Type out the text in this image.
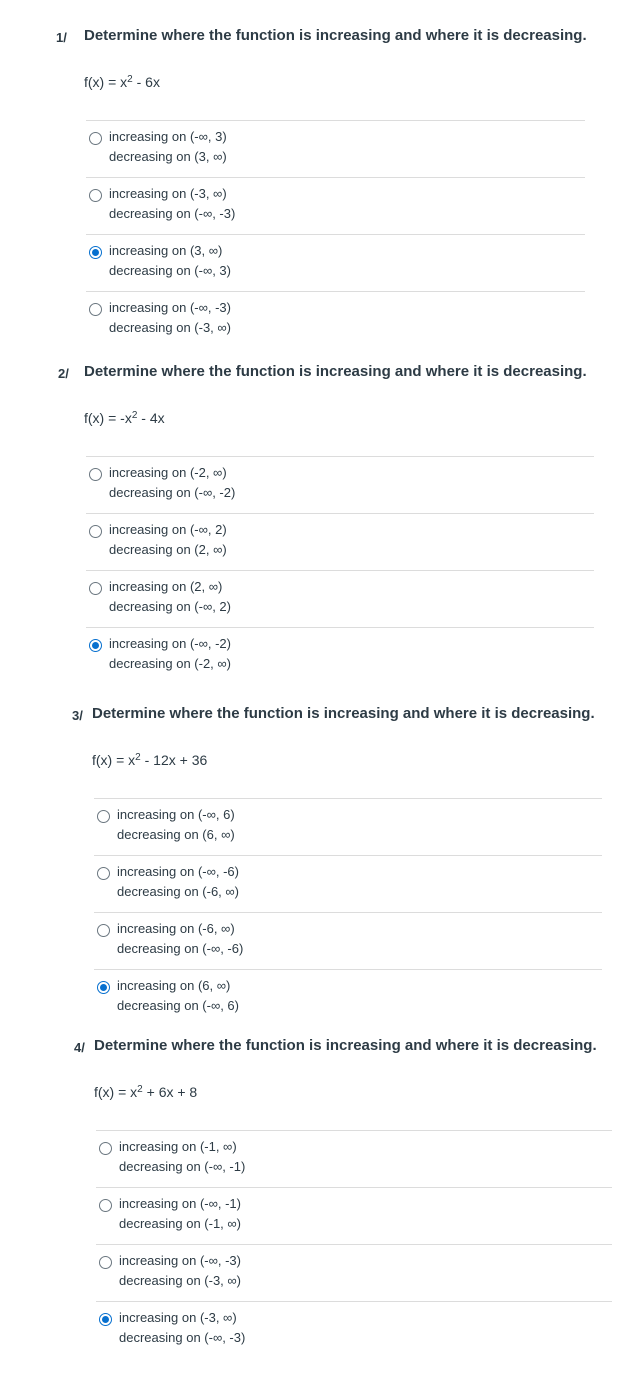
1/ Determine where the function is increasing and where it is decreasing.
$f(x) = x^2 - 6x$
increasing on (-∞, 3)
decreasing on (3, ∞)
increasing on (-3, ∞)
decreasing on (-∞, -3)
increasing on (3, ∞)
decreasing on (-∞, 3)
increasing on (-∞, -3)
decreasing on (-3, ∞)
2/ Determine where the function is increasing and where it is decreasing.
$f(x) = -x^2 - 4x$
increasing on (-2, ∞)
decreasing on (-∞, -2)
increasing on (-∞, 2)
decreasing on (2, ∞)
increasing on (2, ∞)
decreasing on (-∞, 2)
increasing on (-∞, -2)
decreasing on (-2, ∞)
3/ Determine where the function is increasing and where it is decreasing.
$f(x) = x^2 - 12x + 36$
increasing on (-∞, 6)
decreasing on (6, ∞)
increasing on (-∞, -6)
decreasing on (-6, ∞)
increasing on (-6, ∞)
decreasing on (-∞, -6)
increasing on (6, ∞)
decreasing on (-∞, 6)
4/ Determine where the function is increasing and where it is decreasing.
$f(x) = x^2 + 6x + 8$
increasing on (-1, ∞)
decreasing on (-∞, -1)
increasing on (-∞, -1)
decreasing on (-1, ∞)
increasing on (-∞, -3)
decreasing on (-3, ∞)
increasing on (-3, ∞)
decreasing on (-∞, -3)
